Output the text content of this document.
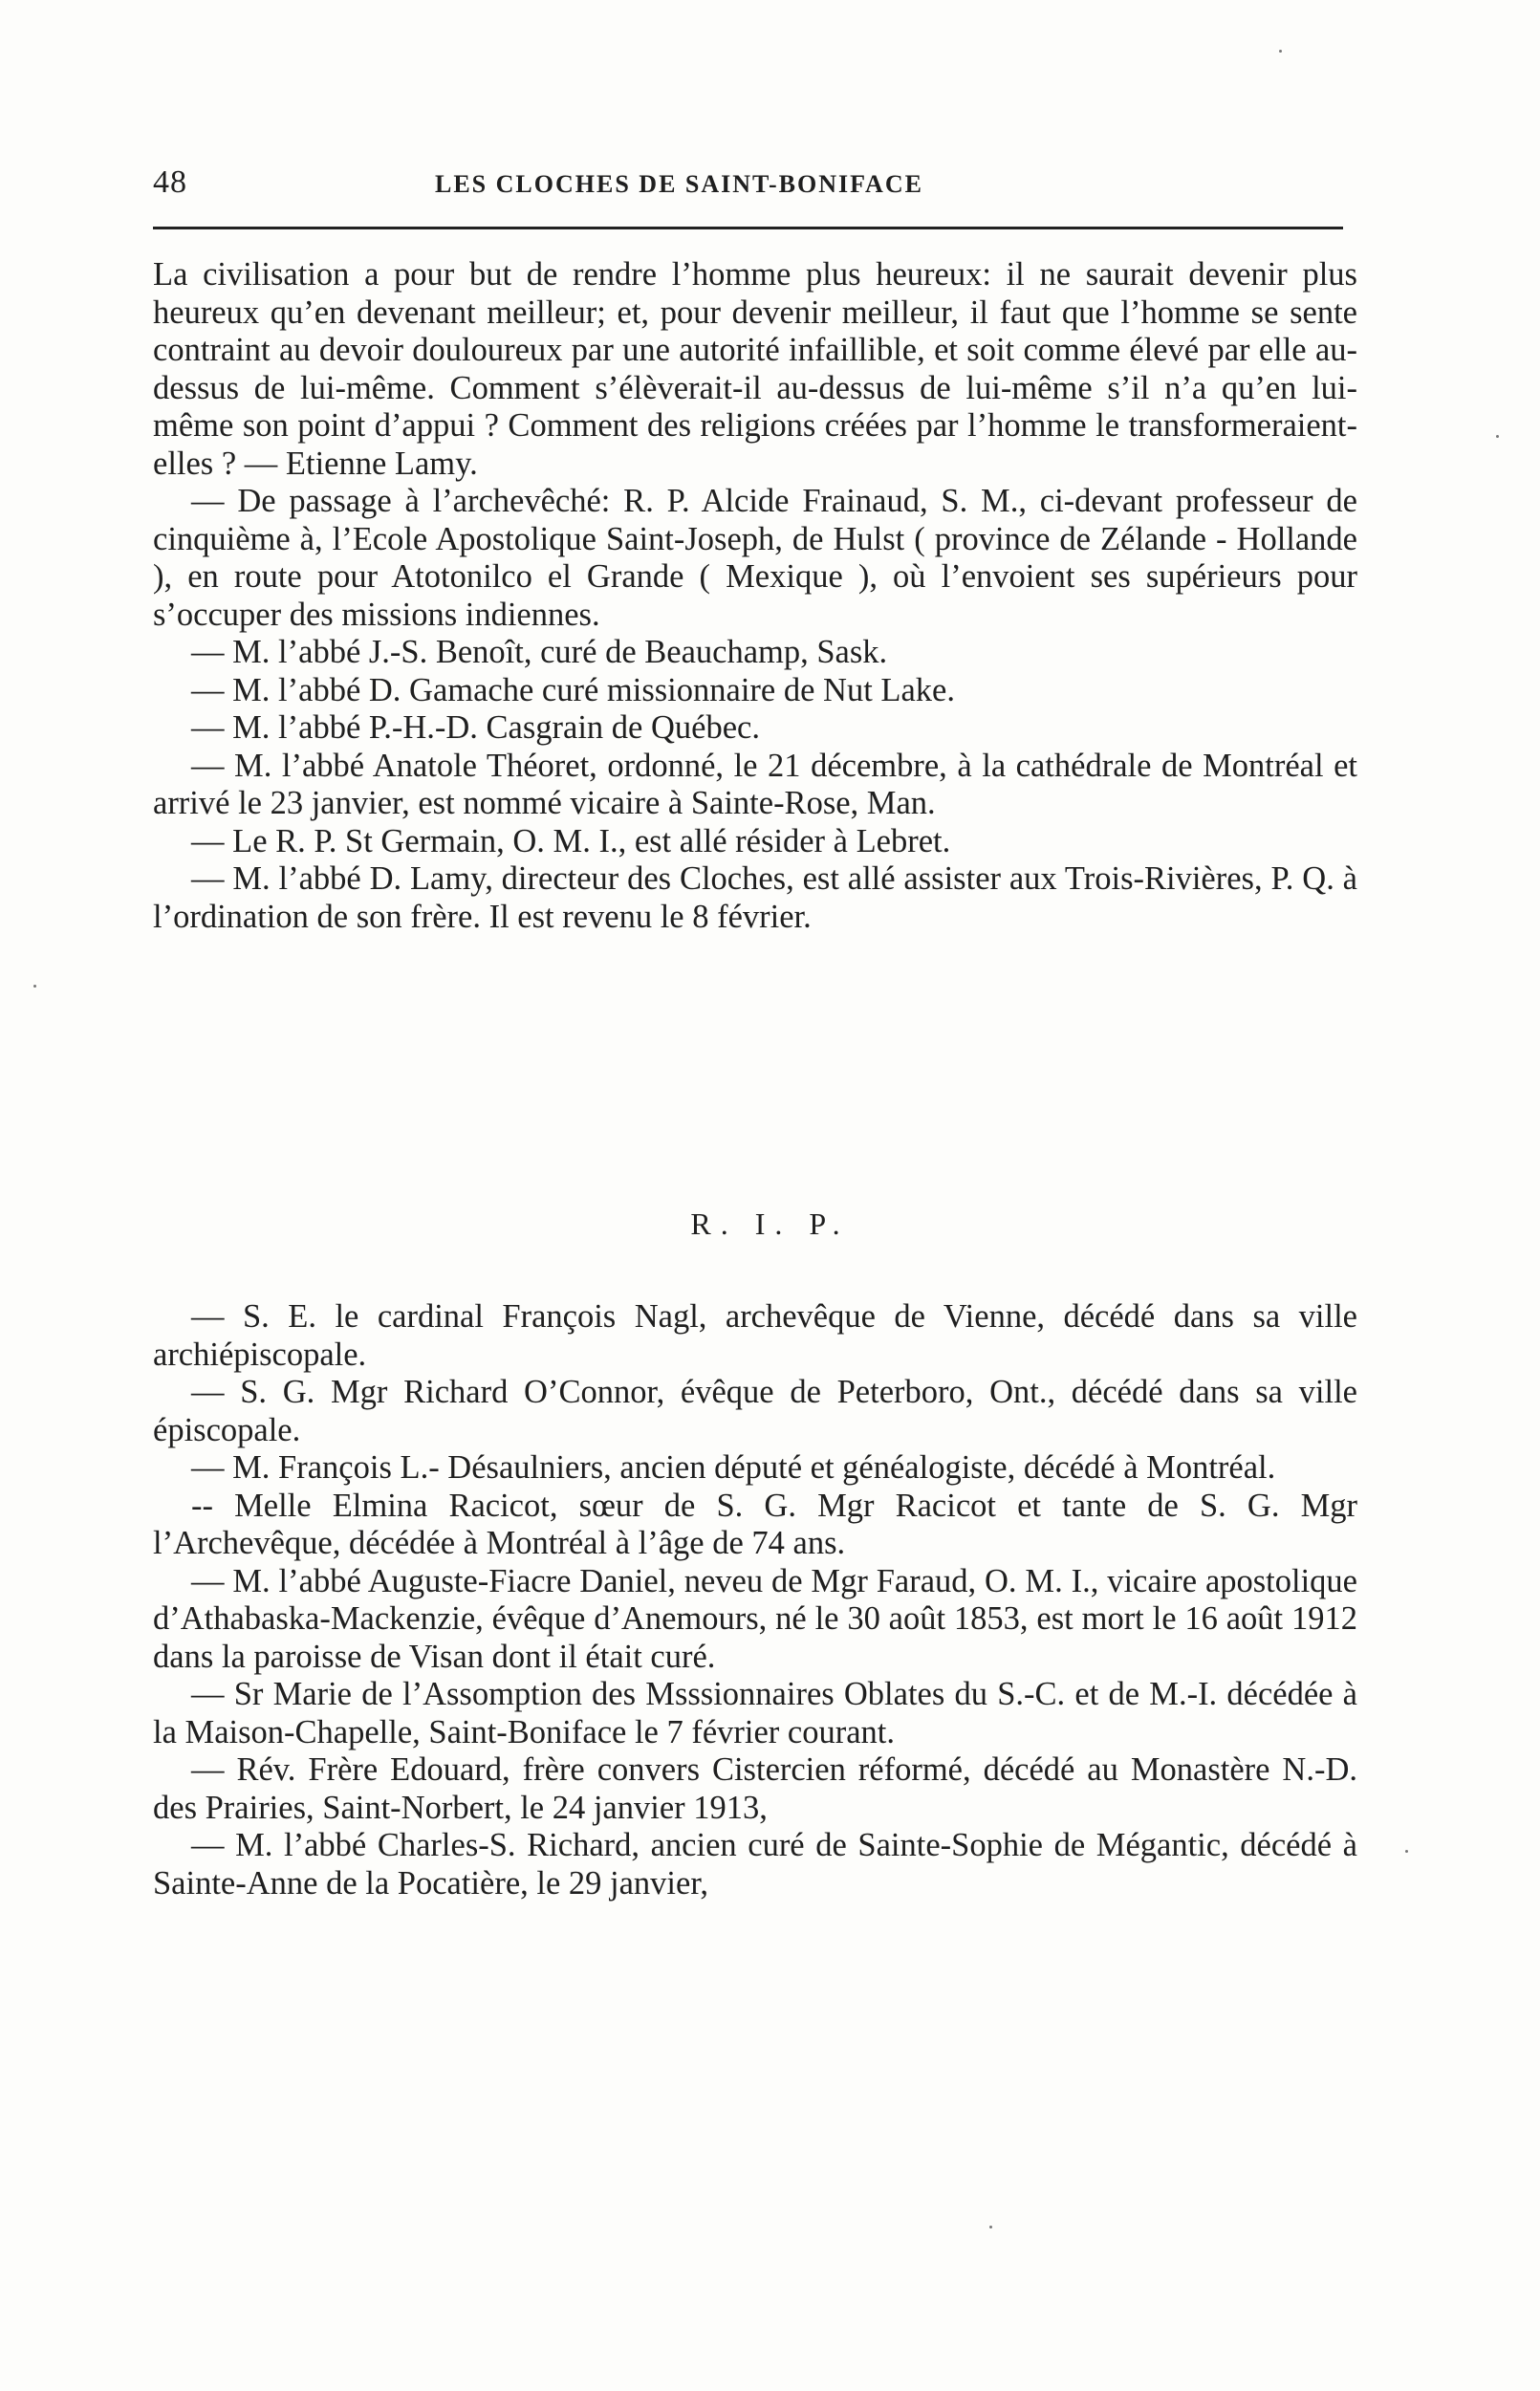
48	LES CLOCHES DE SAINT-BONIFACE

La civilisation a pour but de rendre l’homme plus heureux: il ne saurait devenir plus heureux qu’en devenant meilleur; et, pour devenir meilleur, il faut que l’homme se sente contraint au devoir douloureux par une autorité infaillible, et soit comme élevé par elle au-dessus de lui-même. Comment s’élèverait-il au-dessus de lui-même s’il n’a qu’en lui-même son point d’appui ? Comment des religions créées par l’homme le transformeraient-elles ? — Etienne Lamy.

— De passage à l’archevêché: R. P. Alcide Frainaud, S. M., ci-devant professeur de cinquième à, l’Ecole Apostolique Saint-Joseph, de Hulst ( province de Zélande - Hollande ), en route pour Atotonilco el Grande ( Mexique ), où l’envoient ses supérieurs pour s’occuper des missions indiennes.

— M. l’abbé J.-S. Benoît, curé de Beauchamp, Sask.

— M. l’abbé D. Gamache curé missionnaire de Nut Lake.

— M. l’abbé P.-H.-D. Casgrain de Québec.

— M. l’abbé Anatole Théoret, ordonné, le 21 décembre, à la cathédrale de Montréal et arrivé le 23 janvier, est nommé vicaire à Sainte-Rose, Man.

— Le R. P. St Germain, O. M. I., est allé résider à Lebret.

— M. l’abbé D. Lamy, directeur des Cloches, est allé assister aux Trois-Rivières, P. Q. à l’ordination de son frère. Il est revenu le 8 février.

R. I. P.

— S. E. le cardinal François Nagl, archevêque de Vienne, décédé dans sa ville archiépiscopale.

— S. G. Mgr Richard O’Connor, évêque de Peterboro, Ont., décédé dans sa ville épiscopale.

— M. François L.- Désaulniers, ancien député et généalogiste, décédé à Montréal.

-- Melle Elmina Racicot, sœur de S. G. Mgr Racicot et tante de S. G. Mgr l’Archevêque, décédée à Montréal à l’âge de 74 ans.

— M. l’abbé Auguste-Fiacre Daniel, neveu de Mgr Faraud, O. M. I., vicaire apostolique d’Athabaska-Mackenzie, évêque d’Anemours, né le 30 août 1853, est mort le 16 août 1912 dans la paroisse de Visan dont il était curé.

— Sr Marie de l’Assomption des Msssionnaires Oblates du S.-C. et de M.-I. décédée à la Maison-Chapelle, Saint-Boniface le 7 février courant.

— Rév. Frère Edouard, frère convers Cistercien réformé, décédé au Monastère N.-D. des Prairies, Saint-Norbert, le 24 janvier 1913,

— M. l’abbé Charles-S. Richard, ancien curé de Sainte-Sophie de Mégantic, décédé à Sainte-Anne de la Pocatière, le 29 janvier,
